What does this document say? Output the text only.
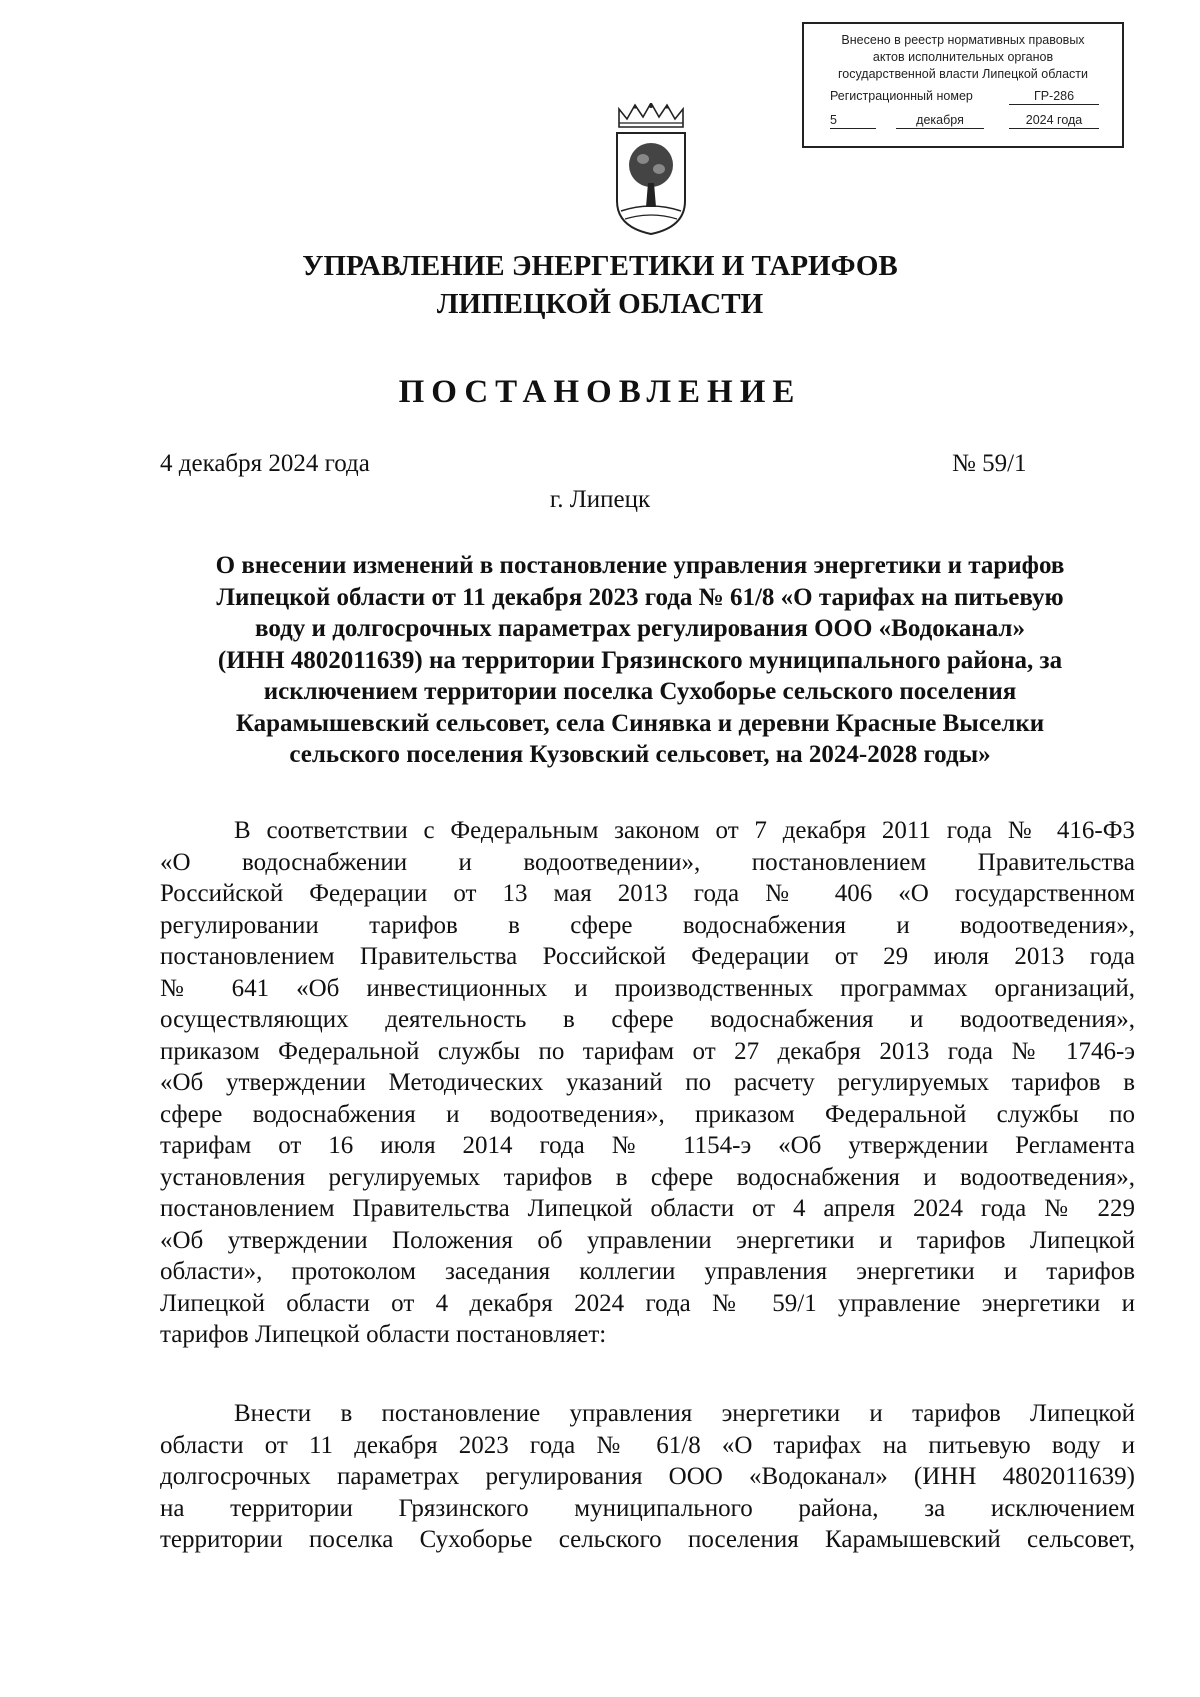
Внесено в реестр нормативных правовых
актов исполнительных органов
государственной власти Липецкой области
Регистрационный номер	ГР-286
5	декабря	2024 года
УПРАВЛЕНИЕ ЭНЕРГЕТИКИ И ТАРИФОВ
ЛИПЕЦКОЙ ОБЛАСТИ
ПОСТАНОВЛЕНИЕ
4 декабря 2024 года	№ 59/1
г. Липецк
О внесении изменений в постановление управления энергетики и тарифов
Липецкой области от 11 декабря 2023 года № 61/8 «О тарифах на питьевую
воду и долгосрочных параметрах регулирования ООО «Водоканал»
(ИНН 4802011639) на территории Грязинского муниципального района, за
исключением территории поселка Сухоборье сельского поселения
Карамышевский сельсовет, села Синявка и деревни Красные Выселки
сельского поселения Кузовский сельсовет, на 2024-2028 годы»
В соответствии с Федеральным законом от 7 декабря 2011 года № 416-ФЗ
«О водоснабжении и водоотведении», постановлением Правительства
Российской Федерации от 13 мая 2013 года № 406 «О государственном
регулировании тарифов в сфере водоснабжения и водоотведения»,
постановлением Правительства Российской Федерации от 29 июля 2013 года
№ 641 «Об инвестиционных и производственных программах организаций,
осуществляющих деятельность в сфере водоснабжения и водоотведения»,
приказом Федеральной службы по тарифам от 27 декабря 2013 года № 1746-э
«Об утверждении Методических указаний по расчету регулируемых тарифов в
сфере водоснабжения и водоотведения», приказом Федеральной службы по
тарифам от 16 июля 2014 года № 1154-э «Об утверждении Регламента
установления регулируемых тарифов в сфере водоснабжения и водоотведения»,
постановлением Правительства Липецкой области от 4 апреля 2024 года № 229
«Об утверждении Положения об управлении энергетики и тарифов Липецкой
области», протоколом заседания коллегии управления энергетики и тарифов
Липецкой области от 4 декабря 2024 года № 59/1 управление энергетики и
тарифов Липецкой области постановляет:
Внести в постановление управления энергетики и тарифов Липецкой
области от 11 декабря 2023 года № 61/8 «О тарифах на питьевую воду и
долгосрочных параметрах регулирования ООО «Водоканал» (ИНН 4802011639)
на территории Грязинского муниципального района, за исключением
территории поселка Сухоборье сельского поселения Карамышевский сельсовет,
